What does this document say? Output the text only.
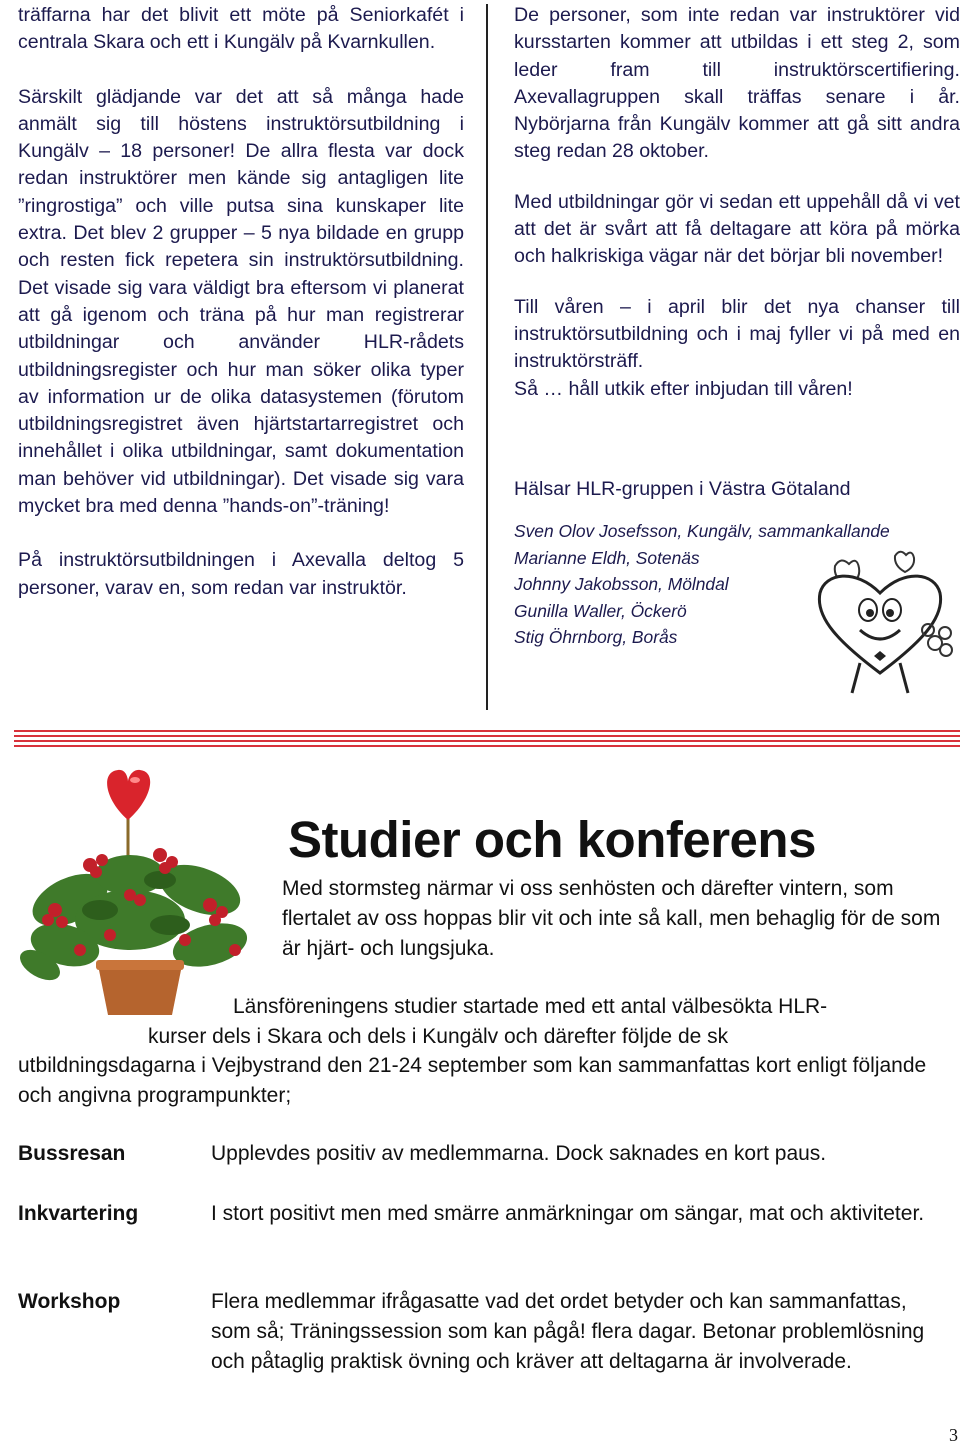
träffarna har det blivit ett möte på Seniorkafét i centrala Skara och ett i Kungälv på Kvarnkullen.

Särskilt glädjande var det att så många hade anmält sig till höstens instruktörsutbildning i Kungälv – 18 personer! De allra flesta var dock redan instruktörer men kände sig antagligen lite ”ringrostiga” och ville putsa sina kunskaper lite extra. Det blev 2 grupper – 5 nya bildade en grupp och resten fick repetera sin instruktörsutbildning. Det visade sig vara väldigt bra eftersom vi planerat att gå igenom och träna på hur man registrerar utbildningar och använder HLR-rådets utbildningsregister och hur man söker olika typer av information ur de olika datasystemen (förutom utbildningsregistret även hjärtstartarregistret och innehållet i olika utbildningar, samt dokumentation man behöver vid utbildningar). Det visade sig vara mycket bra med denna ”hands-on”-träning!

På instruktörsutbildningen i Axevalla deltog 5 personer, varav en, som redan var instruktör.

De personer, som inte redan var instruktörer vid kursstarten kommer att utbildas i ett steg 2, som leder fram till instruktörscertifiering. Axevallagruppen skall träffas senare i år. Nybörjarna från Kungälv kommer att gå sitt andra steg redan 28 oktober.

Med utbildningar gör vi sedan ett uppehåll då vi vet att det är svårt att få deltagare att köra på mörka och halkriskiga vägar när det börjar bli november!

Till våren – i april blir det nya chanser till instruktörsutbildning och i maj fyller vi på med en instruktörsträff.

Så … håll utkik efter inbjudan till våren!

Hälsar HLR-gruppen i Västra Götaland
Sven Olov Josefsson, Kungälv, sammankallande
Marianne Eldh, Sotenäs
Johnny Jakobsson, Mölndal
Gunilla Waller, Öckerö
Stig Öhrnborg, Borås
Studier och konferens
Med stormsteg närmar vi oss senhösten och därefter vintern, som flertalet av oss hoppas blir vit och inte så kall, men behaglig för de som är hjärt- och lungsjuka.
Länsföreningens studier startade med ett antal välbesökta HLR-
kurser dels i Skara och dels i Kungälv och därefter följde de sk
utbildningsdagarna i Vejbystrand den 21-24 september som kan sammanfattas kort enligt följande och angivna programpunkter;
Bussresan	Upplevdes positiv av medlemmarna. Dock saknades en kort paus.
Inkvartering	I stort positivt men med smärre anmärkningar om sängar, mat och aktiviteter.
Workshop	Flera medlemmar ifrågasatte vad det ordet betyder och kan sammanfattas, som så; Träningssession som kan pågå! flera dagar. Betonar problemlösning och påtaglig praktisk övning och kräver att deltagarna är involverade.
3
